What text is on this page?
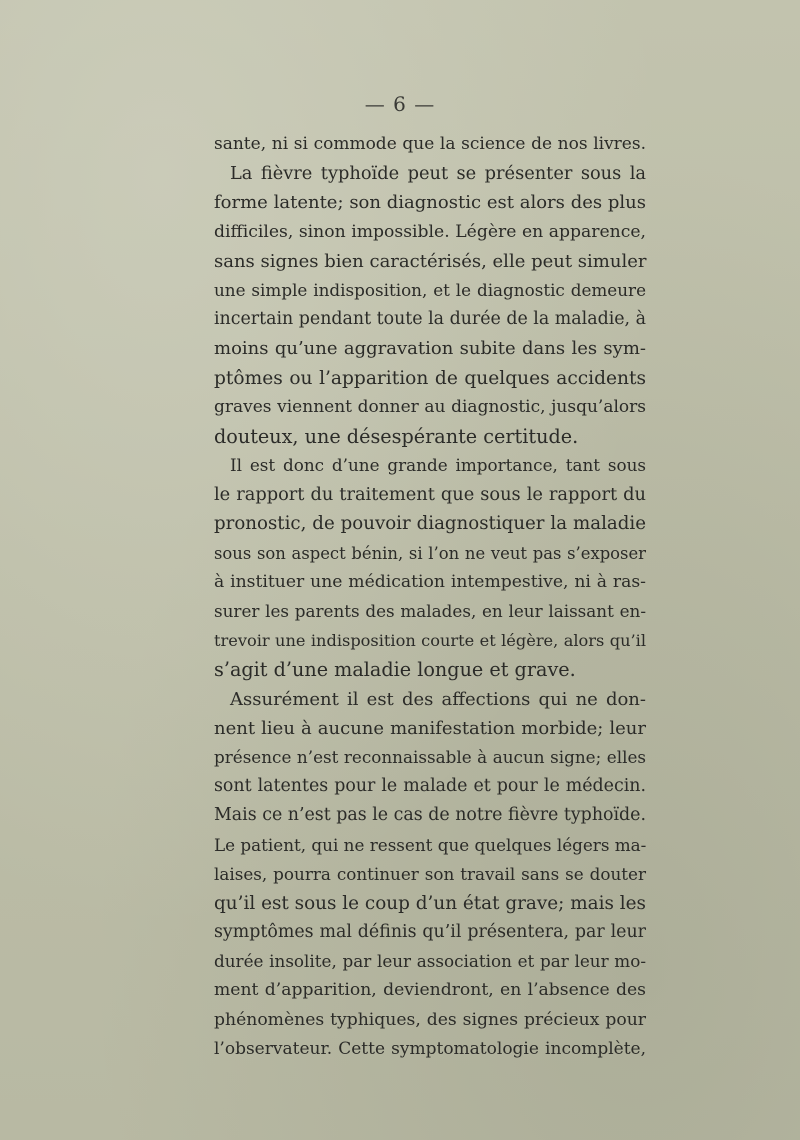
— 6 —
sante, ni si commode que la science de nos livres.
La fièvre typhoïde peut se présenter sous la
forme latente; son diagnostic est alors des plus
difficiles, sinon impossible. Légère en apparence,
sans signes bien caractérisés, elle peut simuler
une simple indisposition, et le diagnostic demeure
incertain pendant toute la durée de la maladie, à
moins qu’une aggravation subite dans les sym-
ptômes ou l’apparition de quelques accidents
graves viennent donner au diagnostic, jusqu’alors
douteux, une désespérante certitude.
Il est donc d’une grande importance, tant sous
le rapport du traitement que sous le rapport du
pronostic, de pouvoir diagnostiquer la maladie
sous son aspect bénin, si l’on ne veut pas s’exposer
à instituer une médication intempestive, ni à ras-
surer les parents des malades, en leur laissant en-
trevoir une indisposition courte et légère, alors qu’il
s’agit d’une maladie longue et grave.
Assurément il est des affections qui ne don-
nent lieu à aucune manifestation morbide; leur
présence n’est reconnaissable à aucun signe; elles
sont latentes pour le malade et pour le médecin.
Mais ce n’est pas le cas de notre fièvre typhoïde.
Le patient, qui ne ressent que quelques légers ma-
laises, pourra continuer son travail sans se douter
qu’il est sous le coup d’un état grave; mais les
symptômes mal définis qu’il présentera, par leur
durée insolite, par leur association et par leur mo-
ment d’apparition, deviendront, en l’absence des
phénomènes typhiques, des signes précieux pour
l’observateur. Cette symptomatologie incomplète,
